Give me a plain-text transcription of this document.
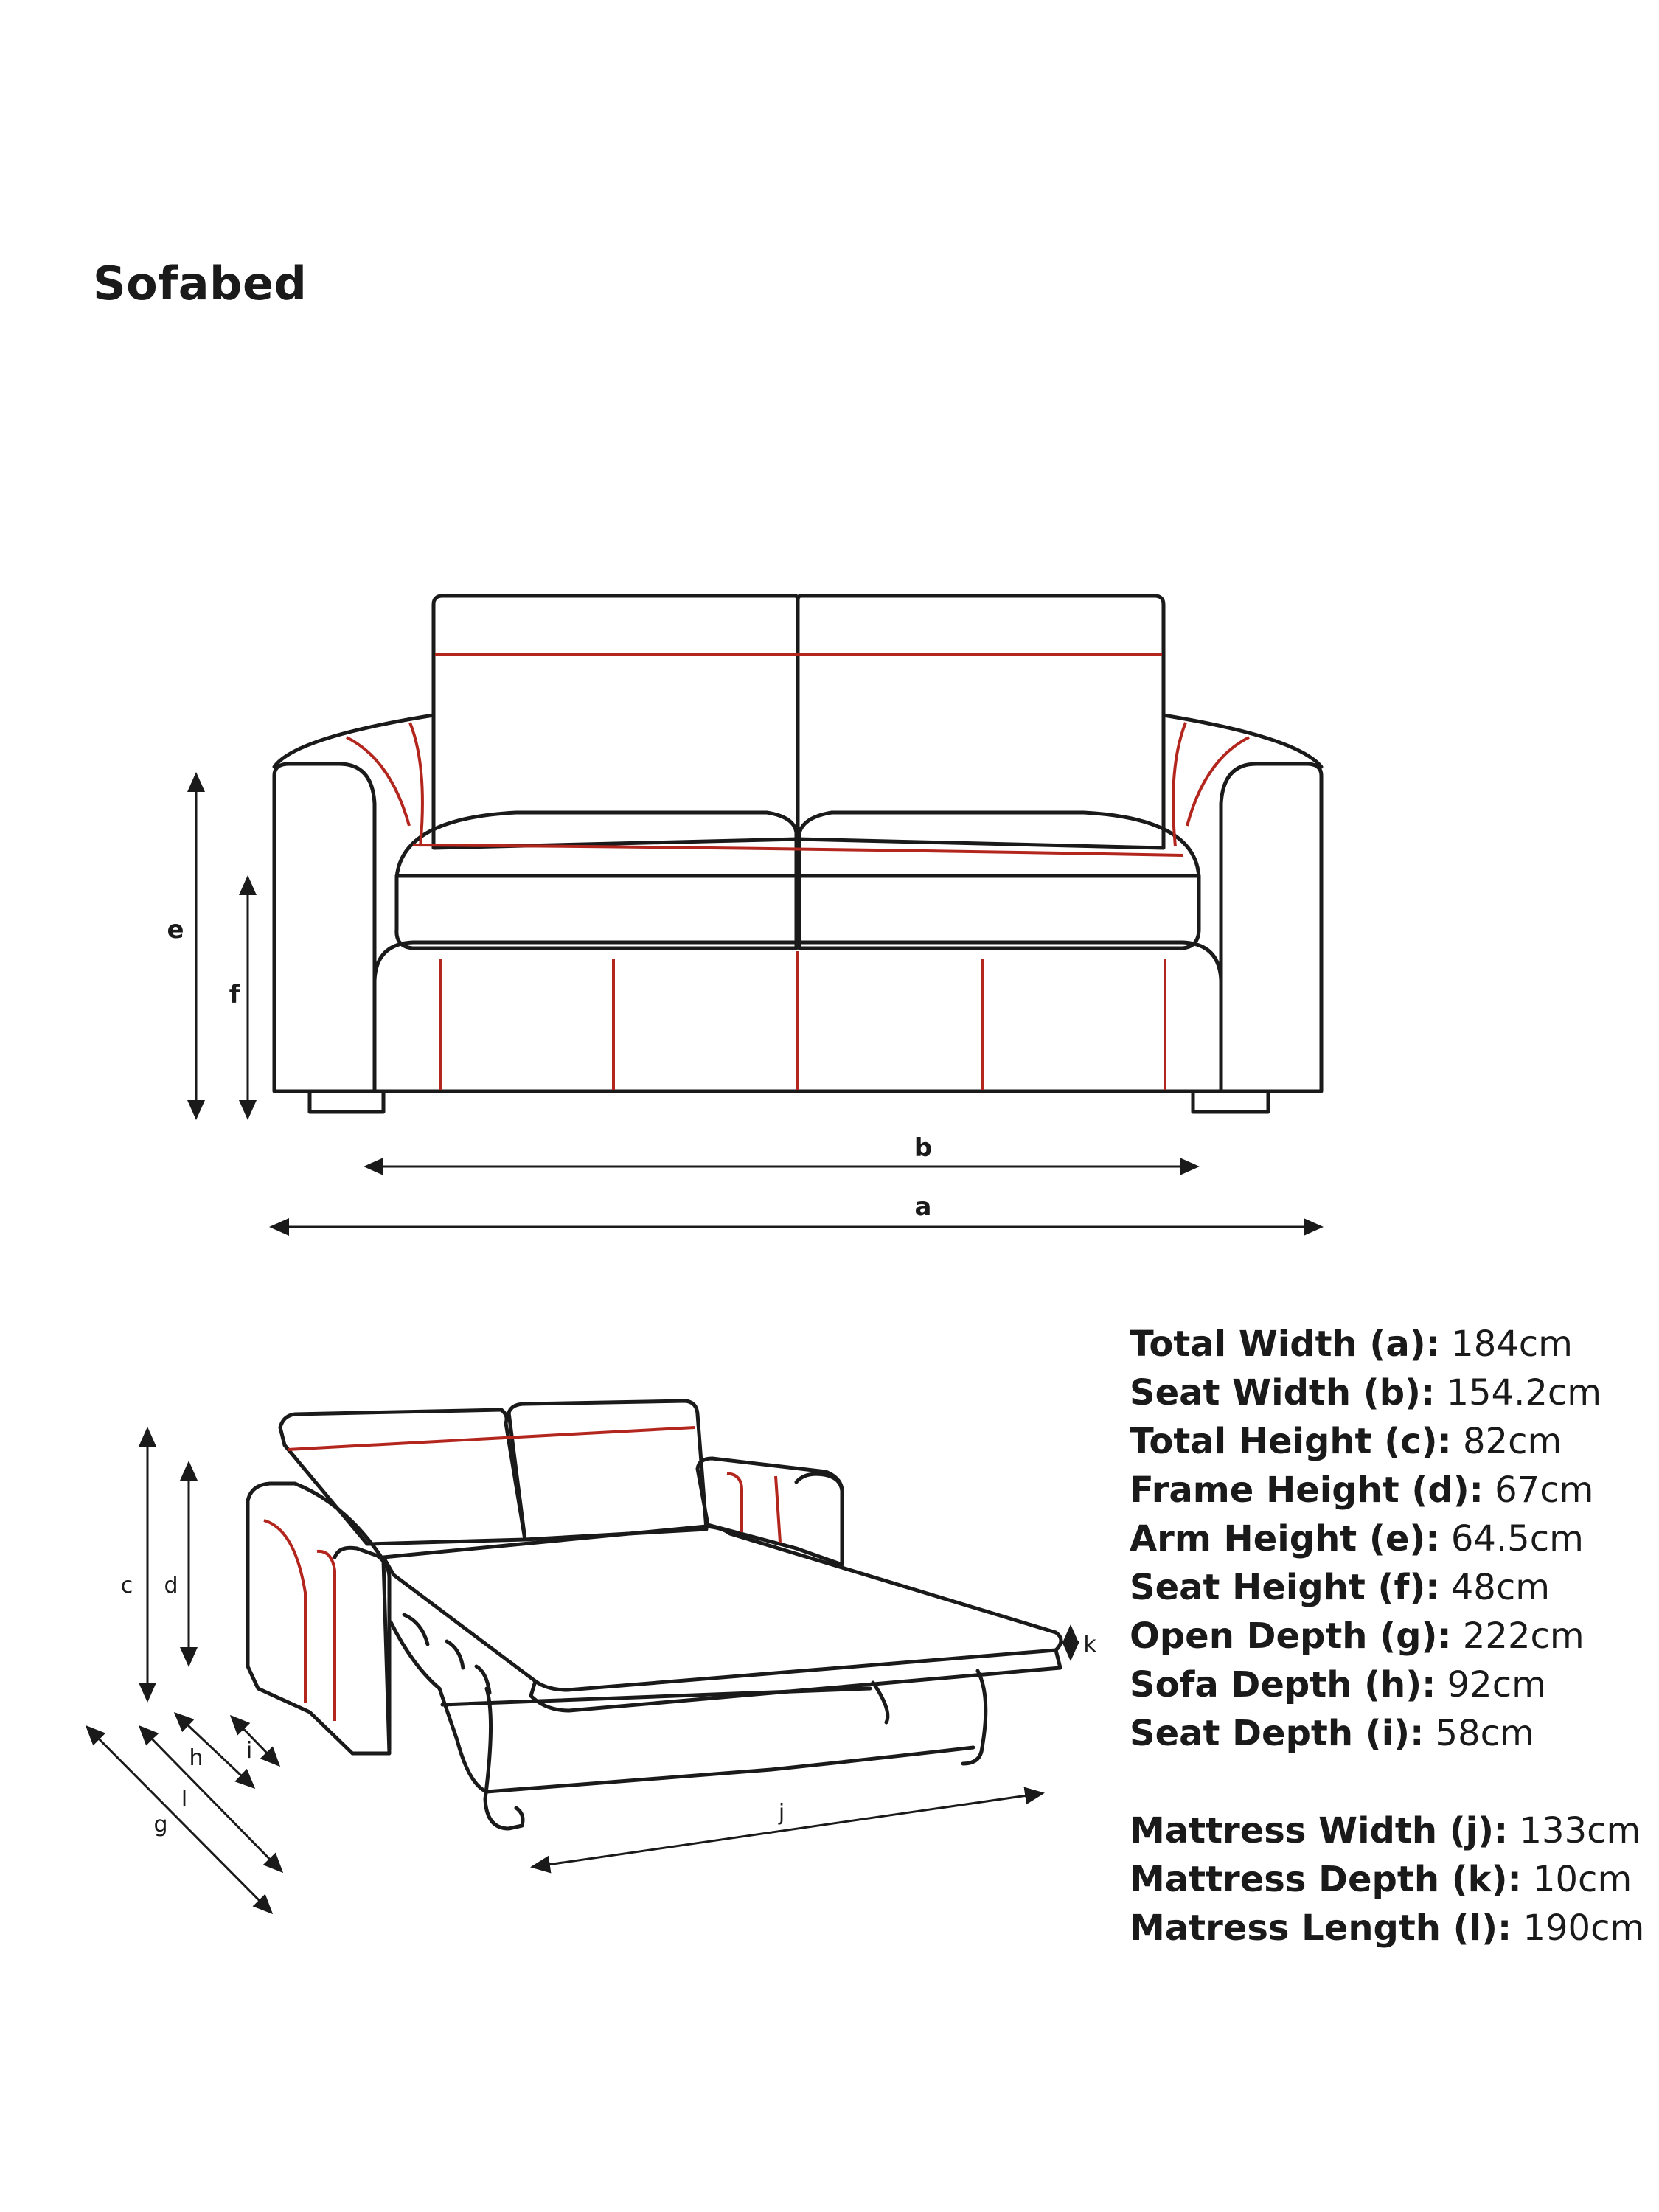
Sofabed
e
f
b
a
c d
g
l
h i
j
k
Total Width (a): 184cm
Seat Width (b): 154.2cm
Total Height (c): 82cm
Frame Height (d): 67cm
Arm Height (e): 64.5cm
Seat Height (f): 48cm
Open Depth (g): 222cm
Sofa Depth (h): 92cm
Seat Depth (i): 58cm
Mattress Width (j): 133cm
Mattress Depth (k): 10cm
Matress Length (l): 190cm
